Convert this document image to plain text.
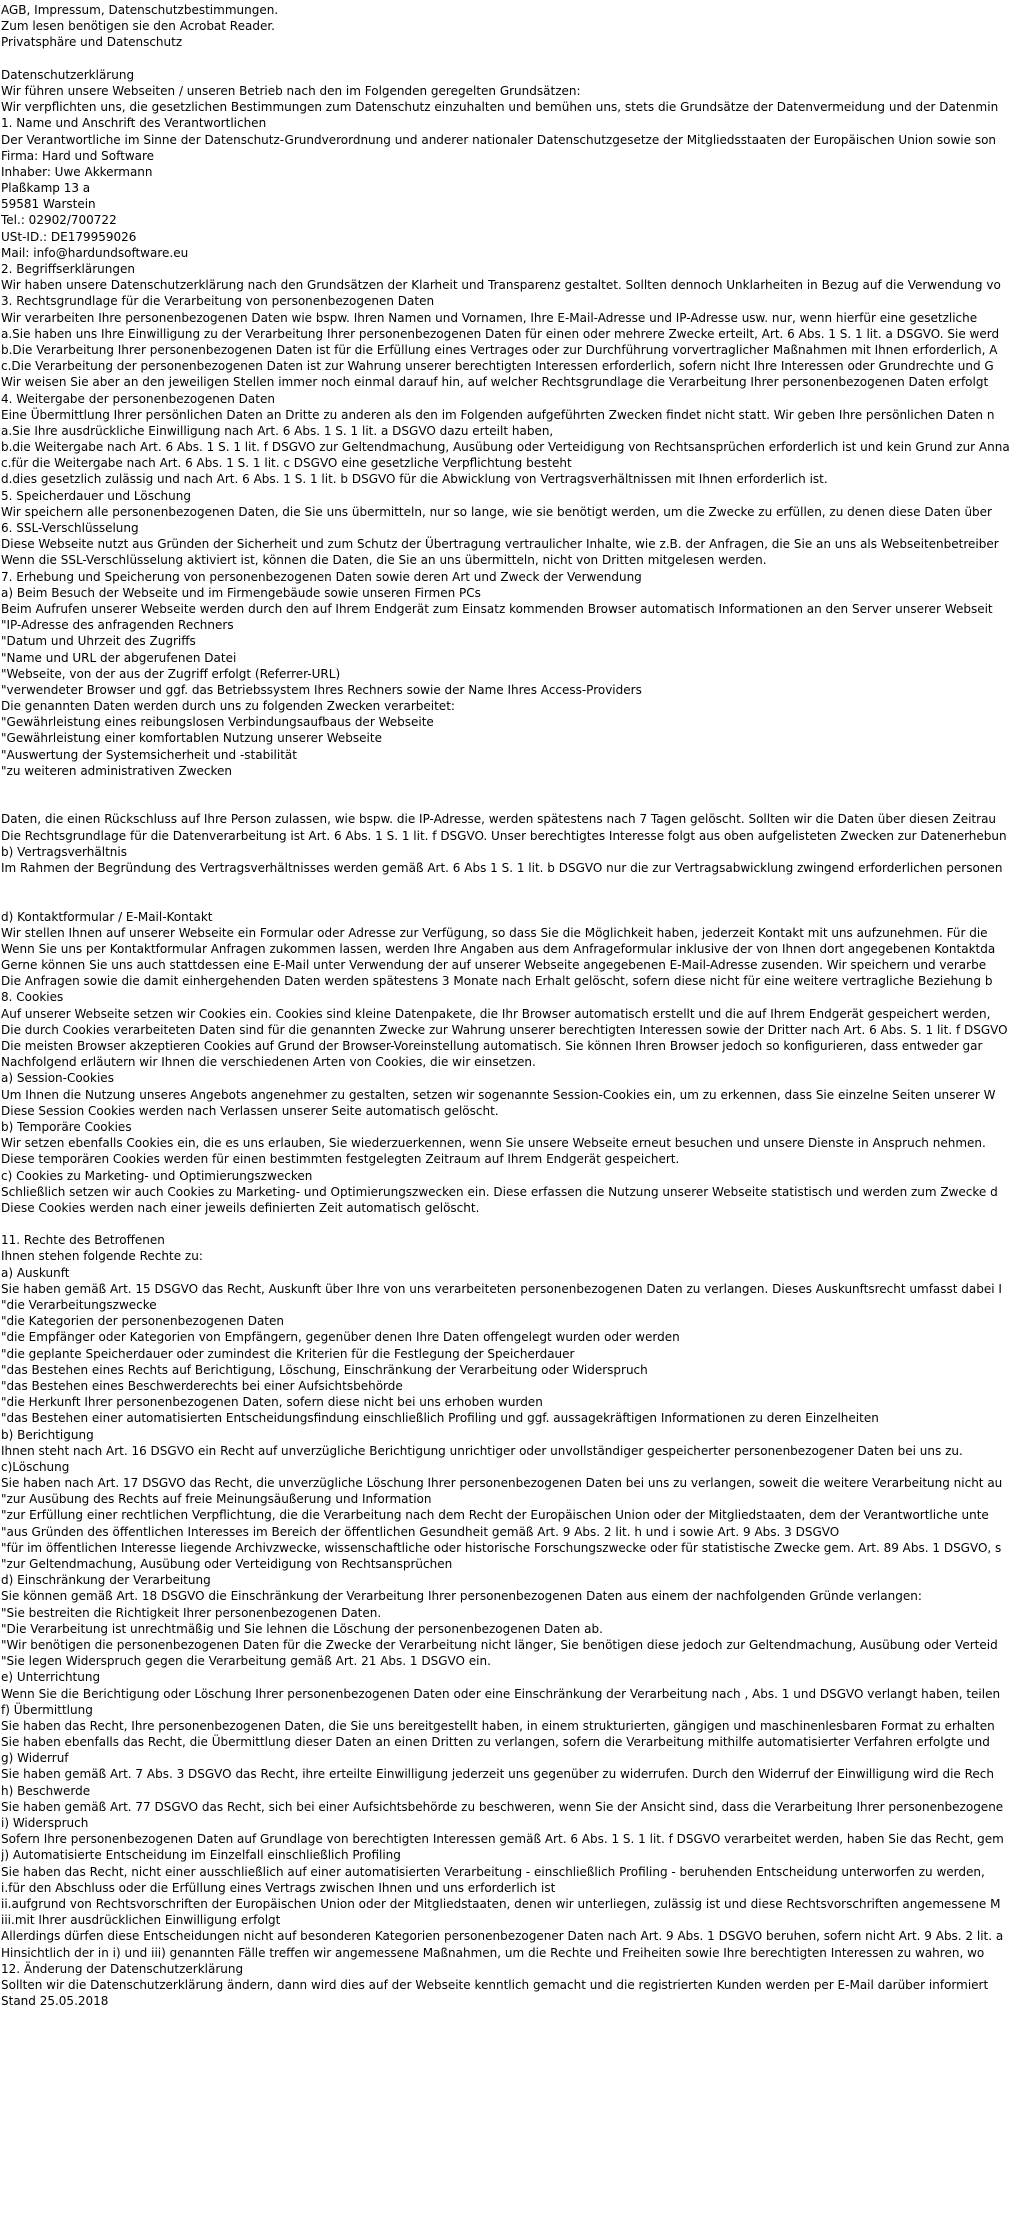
AGB, Impressum, Datenschutzbestimmungen.
Zum lesen benötigen sie den Acrobat Reader.
Privatsphäre und Datenschutz
Datenschutzerklärung
Wir führen unsere Webseiten / unseren Betrieb nach den im Folgenden geregelten Grundsätzen:
Wir verpflichten uns, die gesetzlichen Bestimmungen zum Datenschutz einzuhalten und bemühen uns, stets die Grundsätze der Datenvermeidung und der Datenmin
1. Name und Anschrift des Verantwortlichen
Der Verantwortliche im Sinne der Datenschutz-Grundverordnung und anderer nationaler Datenschutzgesetze der Mitgliedsstaaten der Europäischen Union sowie son
Firma: Hard und Software
Inhaber: Uwe Akkermann
Plaßkamp 13 a
59581 Warstein
Tel.: 02902/700722
USt-ID.: DE179959026
Mail: info@hardundsoftware.eu
2. Begriffserklärungen
Wir haben unsere Datenschutzerklärung nach den Grundsätzen der Klarheit und Transparenz gestaltet. Sollten dennoch Unklarheiten in Bezug auf die Verwendung vo
3. Rechtsgrundlage für die Verarbeitung von personenbezogenen Daten
Wir verarbeiten Ihre personenbezogenen Daten wie bspw. Ihren Namen und Vornamen, Ihre E-Mail-Adresse und IP-Adresse usw. nur, wenn hierfür eine gesetzliche
a.Sie haben uns Ihre Einwilligung zu der Verarbeitung Ihrer personenbezogenen Daten für einen oder mehrere Zwecke erteilt, Art. 6 Abs. 1 S. 1 lit. a DSGVO. Sie werd
b.Die Verarbeitung Ihrer personenbezogenen Daten ist für die Erfüllung eines Vertrages oder zur Durchführung vorvertraglicher Maßnahmen mit Ihnen erforderlich, A
c.Die Verarbeitung der personenbezogenen Daten ist zur Wahrung unserer berechtigten Interessen erforderlich, sofern nicht Ihre Interessen oder Grundrechte und G
Wir weisen Sie aber an den jeweiligen Stellen immer noch einmal darauf hin, auf welcher Rechtsgrundlage die Verarbeitung Ihrer personenbezogenen Daten erfolgt
4. Weitergabe der personenbezogenen Daten
Eine Übermittlung Ihrer persönlichen Daten an Dritte zu anderen als den im Folgenden aufgeführten Zwecken findet nicht statt. Wir geben Ihre persönlichen Daten n
a.Sie Ihre ausdrückliche Einwilligung nach Art. 6 Abs. 1 S. 1 lit. a DSGVO dazu erteilt haben,
b.die Weitergabe nach Art. 6 Abs. 1 S. 1 lit. f DSGVO zur Geltendmachung, Ausübung oder Verteidigung von Rechtsansprüchen erforderlich ist und kein Grund zur Anna
c.für die Weitergabe nach Art. 6 Abs. 1 S. 1 lit. c DSGVO eine gesetzliche Verpflichtung besteht
d.dies gesetzlich zulässig und nach Art. 6 Abs. 1 S. 1 lit. b DSGVO für die Abwicklung von Vertragsverhältnissen mit Ihnen erforderlich ist.
5. Speicherdauer und Löschung
Wir speichern alle personenbezogenen Daten, die Sie uns übermitteln, nur so lange, wie sie benötigt werden, um die Zwecke zu erfüllen, zu denen diese Daten über
6. SSL-Verschlüsselung
Diese Webseite nutzt aus Gründen der Sicherheit und zum Schutz der Übertragung vertraulicher Inhalte, wie z.B. der Anfragen, die Sie an uns als Webseitenbetreiber
Wenn die SSL-Verschlüsselung aktiviert ist, können die Daten, die Sie an uns übermitteln, nicht von Dritten mitgelesen werden.
7. Erhebung und Speicherung von personenbezogenen Daten sowie deren Art und Zweck der Verwendung
a) Beim Besuch der Webseite und im Firmengebäude sowie unseren Firmen PCs
Beim Aufrufen unserer Webseite werden durch den auf Ihrem Endgerät zum Einsatz kommenden Browser automatisch Informationen an den Server unserer Webseit
"IP-Adresse des anfragenden Rechners
"Datum und Uhrzeit des Zugriffs
"Name und URL der abgerufenen Datei
"Webseite, von der aus der Zugriff erfolgt (Referrer-URL)
"verwendeter Browser und ggf. das Betriebssystem Ihres Rechners sowie der Name Ihres Access-Providers
Die genannten Daten werden durch uns zu folgenden Zwecken verarbeitet:
"Gewährleistung eines reibungslosen Verbindungsaufbaus der Webseite
"Gewährleistung einer komfortablen Nutzung unserer Webseite
"Auswertung der Systemsicherheit und -stabilität
"zu weiteren administrativen Zwecken
Daten, die einen Rückschluss auf Ihre Person zulassen, wie bspw. die IP-Adresse, werden spätestens nach 7 Tagen gelöscht. Sollten wir die Daten über diesen Zeitrau
Die Rechtsgrundlage für die Datenverarbeitung ist Art. 6 Abs. 1 S. 1 lit. f DSGVO. Unser berechtigtes Interesse folgt aus oben aufgelisteten Zwecken zur Datenerhebun
b) Vertragsverhältnis
Im Rahmen der Begründung des Vertragsverhältnisses werden gemäß Art. 6 Abs 1 S. 1 lit. b DSGVO nur die zur Vertragsabwicklung zwingend erforderlichen personen
d) Kontaktformular / E-Mail-Kontakt
Wir stellen Ihnen auf unserer Webseite ein Formular oder Adresse zur Verfügung, so dass Sie die Möglichkeit haben, jederzeit Kontakt mit uns aufzunehmen. Für die
Wenn Sie uns per Kontaktformular Anfragen zukommen lassen, werden Ihre Angaben aus dem Anfrageformular inklusive der von Ihnen dort angegebenen Kontaktda
Gerne können Sie uns auch stattdessen eine E-Mail unter Verwendung der auf unserer Webseite angegebenen E-Mail-Adresse zusenden. Wir speichern und verarbe
Die Anfragen sowie die damit einhergehenden Daten werden spätestens 3 Monate nach Erhalt gelöscht, sofern diese nicht für eine weitere vertragliche Beziehung b
8. Cookies
Auf unserer Webseite setzen wir Cookies ein. Cookies sind kleine Datenpakete, die Ihr Browser automatisch erstellt und die auf Ihrem Endgerät gespeichert werden,
Die durch Cookies verarbeiteten Daten sind für die genannten Zwecke zur Wahrung unserer berechtigten Interessen sowie der Dritter nach Art. 6 Abs. S. 1 lit. f DSGVO
Die meisten Browser akzeptieren Cookies auf Grund der Browser-Voreinstellung automatisch. Sie können Ihren Browser jedoch so konfigurieren, dass entweder gar
Nachfolgend erläutern wir Ihnen die verschiedenen Arten von Cookies, die wir einsetzen.
a) Session-Cookies
Um Ihnen die Nutzung unseres Angebots angenehmer zu gestalten, setzen wir sogenannte Session-Cookies ein, um zu erkennen, dass Sie einzelne Seiten unserer W
Diese Session Cookies werden nach Verlassen unserer Seite automatisch gelöscht.
b) Temporäre Cookies
Wir setzen ebenfalls Cookies ein, die es uns erlauben, Sie wiederzuerkennen, wenn Sie unsere Webseite erneut besuchen und unsere Dienste in Anspruch nehmen.
Diese temporären Cookies werden für einen bestimmten festgelegten Zeitraum auf Ihrem Endgerät gespeichert.
c) Cookies zu Marketing- und Optimierungszwecken
Schließlich setzen wir auch Cookies zu Marketing- und Optimierungszwecken ein. Diese erfassen die Nutzung unserer Webseite statistisch und werden zum Zwecke d
Diese Cookies werden nach einer jeweils definierten Zeit automatisch gelöscht.
11. Rechte des Betroffenen
Ihnen stehen folgende Rechte zu:
a) Auskunft
Sie haben gemäß Art. 15 DSGVO das Recht, Auskunft über Ihre von uns verarbeiteten personenbezogenen Daten zu verlangen. Dieses Auskunftsrecht umfasst dabei I
"die Verarbeitungszwecke
"die Kategorien der personenbezogenen Daten
"die Empfänger oder Kategorien von Empfängern, gegenüber denen Ihre Daten offengelegt wurden oder werden
"die geplante Speicherdauer oder zumindest die Kriterien für die Festlegung der Speicherdauer
"das Bestehen eines Rechts auf Berichtigung, Löschung, Einschränkung der Verarbeitung oder Widerspruch
"das Bestehen eines Beschwerderechts bei einer Aufsichtsbehörde
"die Herkunft Ihrer personenbezogenen Daten, sofern diese nicht bei uns erhoben wurden
"das Bestehen einer automatisierten Entscheidungsfindung einschließlich Profiling und ggf. aussagekräftigen Informationen zu deren Einzelheiten
b) Berichtigung
Ihnen steht nach Art. 16 DSGVO ein Recht auf unverzügliche Berichtigung unrichtiger oder unvollständiger gespeicherter personenbezogener Daten bei uns zu.
c)Löschung
Sie haben nach Art. 17 DSGVO das Recht, die unverzügliche Löschung Ihrer personenbezogenen Daten bei uns zu verlangen, soweit die weitere Verarbeitung nicht au
"zur Ausübung des Rechts auf freie Meinungsäußerung und Information
"zur Erfüllung einer rechtlichen Verpflichtung, die die Verarbeitung nach dem Recht der Europäischen Union oder der Mitgliedstaaten, dem der Verantwortliche unte
"aus Gründen des öffentlichen Interesses im Bereich der öffentlichen Gesundheit gemäß Art. 9 Abs. 2 lit. h und i sowie Art. 9 Abs. 3 DSGVO
"für im öffentlichen Interesse liegende Archivzwecke, wissenschaftliche oder historische Forschungszwecke oder für statistische Zwecke gem. Art. 89 Abs. 1 DSGVO, s
"zur Geltendmachung, Ausübung oder Verteidigung von Rechtsansprüchen
d) Einschränkung der Verarbeitung
Sie können gemäß Art. 18 DSGVO die Einschränkung der Verarbeitung Ihrer personenbezogenen Daten aus einem der nachfolgenden Gründe verlangen:
"Sie bestreiten die Richtigkeit Ihrer personenbezogenen Daten.
"Die Verarbeitung ist unrechtmäßig und Sie lehnen die Löschung der personenbezogenen Daten ab.
"Wir benötigen die personenbezogenen Daten für die Zwecke der Verarbeitung nicht länger, Sie benötigen diese jedoch zur Geltendmachung, Ausübung oder Verteid
"Sie legen Widerspruch gegen die Verarbeitung gemäß Art. 21 Abs. 1 DSGVO ein.
e) Unterrichtung
Wenn Sie die Berichtigung oder Löschung Ihrer personenbezogenen Daten oder eine Einschränkung der Verarbeitung nach , Abs. 1 und DSGVO verlangt haben, teilen
f) Übermittlung
Sie haben das Recht, Ihre personenbezogenen Daten, die Sie uns bereitgestellt haben, in einem strukturierten, gängigen und maschinenlesbaren Format zu erhalten
Sie haben ebenfalls das Recht, die Übermittlung dieser Daten an einen Dritten zu verlangen, sofern die Verarbeitung mithilfe automatisierter Verfahren erfolgte und
g) Widerruf
Sie haben gemäß Art. 7 Abs. 3 DSGVO das Recht, ihre erteilte Einwilligung jederzeit uns gegenüber zu widerrufen. Durch den Widerruf der Einwilligung wird die Rech
h) Beschwerde
Sie haben gemäß Art. 77 DSGVO das Recht, sich bei einer Aufsichtsbehörde zu beschweren, wenn Sie der Ansicht sind, dass die Verarbeitung Ihrer personenbezogene
i) Widerspruch
Sofern Ihre personenbezogenen Daten auf Grundlage von berechtigten Interessen gemäß Art. 6 Abs. 1 S. 1 lit. f DSGVO verarbeitet werden, haben Sie das Recht, gem
j) Automatisierte Entscheidung im Einzelfall einschließlich Profiling
Sie haben das Recht, nicht einer ausschließlich auf einer automatisierten Verarbeitung - einschließlich Profiling - beruhenden Entscheidung unterworfen zu werden,
i.für den Abschluss oder die Erfüllung eines Vertrags zwischen Ihnen und uns erforderlich ist
ii.aufgrund von Rechtsvorschriften der Europäischen Union oder der Mitgliedstaaten, denen wir unterliegen, zulässig ist und diese Rechtsvorschriften angemessene M
iii.mit Ihrer ausdrücklichen Einwilligung erfolgt
Allerdings dürfen diese Entscheidungen nicht auf besonderen Kategorien personenbezogener Daten nach Art. 9 Abs. 1 DSGVO beruhen, sofern nicht Art. 9 Abs. 2 lit. a
Hinsichtlich der in i) und iii) genannten Fälle treffen wir angemessene Maßnahmen, um die Rechte und Freiheiten sowie Ihre berechtigten Interessen zu wahren, wo
12. Änderung der Datenschutzerklärung
Sollten wir die Datenschutzerklärung ändern, dann wird dies auf der Webseite kenntlich gemacht und die registrierten Kunden werden per E-Mail darüber informiert
Stand 25.05.2018
